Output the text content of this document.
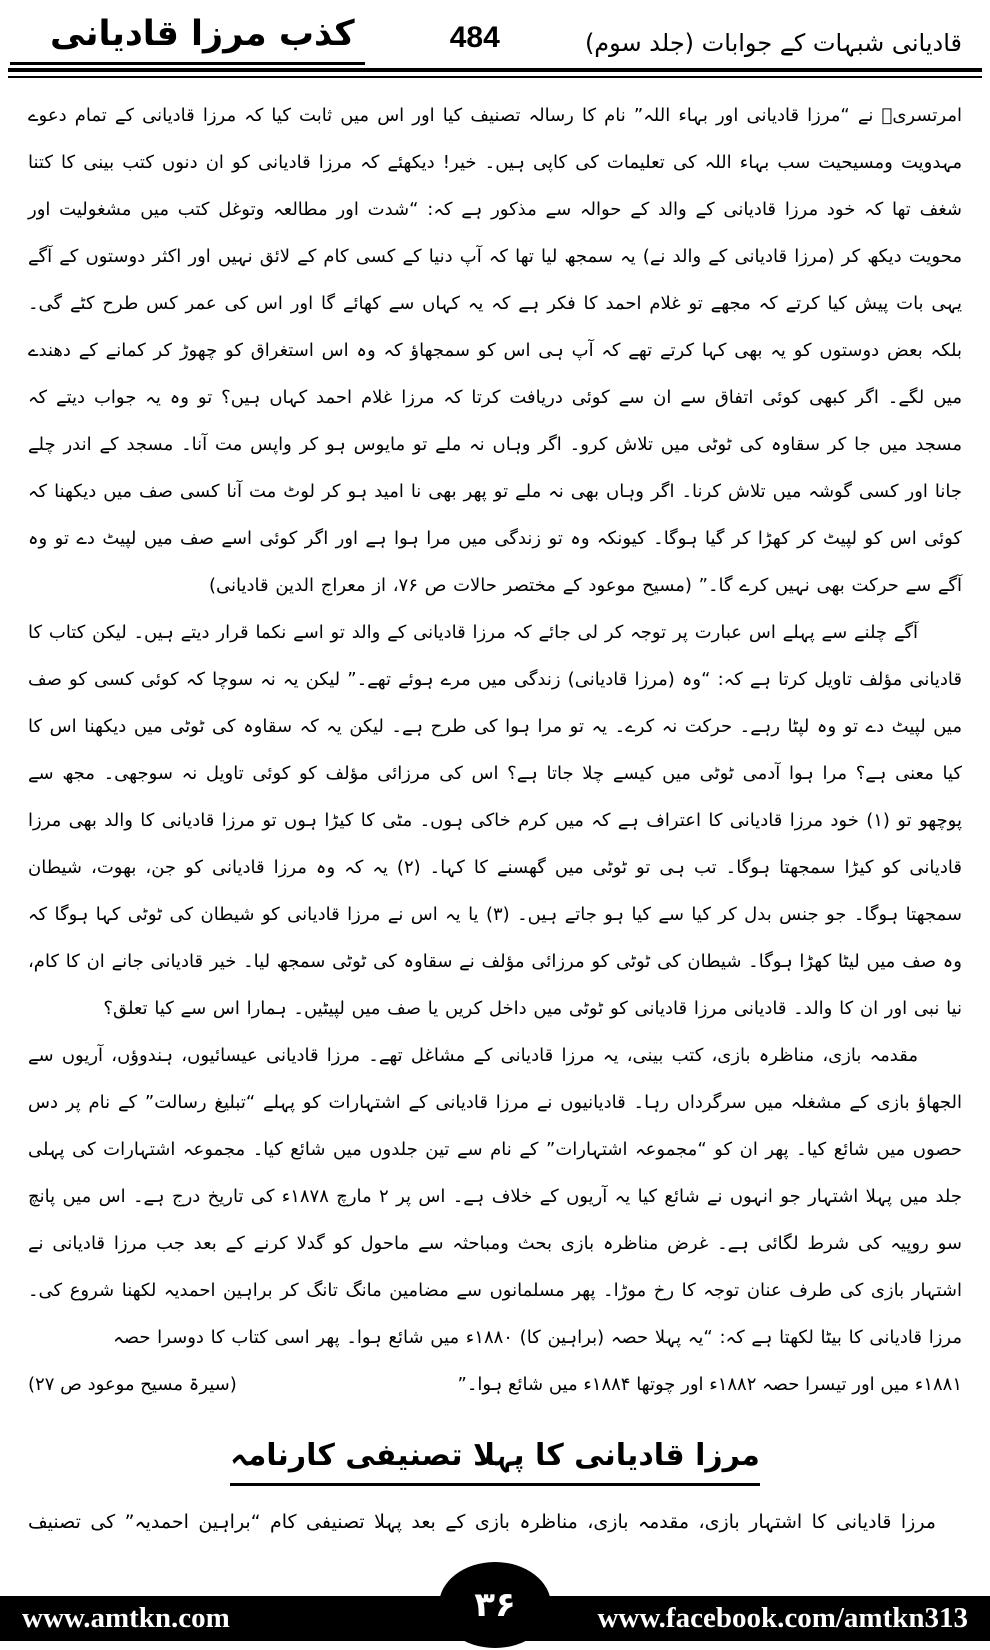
قادیانی شبہات کے جوابات (جلد سوم)
484
کذب مرزا قادیانی

امرتسریؒ نے “مرزا قادیانی اور بہاء اللہ” نام کا رسالہ تصنیف کیا اور اس میں ثابت کیا کہ مرزا قادیانی کے تمام دعوے مہدویت ومسیحیت سب بہاء اللہ کی تعلیمات کی کاپی ہیں۔ خیر! دیکھئے کہ مرزا قادیانی کو ان دنوں کتب بینی کا کتنا شغف تھا کہ خود مرزا قادیانی کے والد کے حوالہ سے مذکور ہے کہ: “شدت اور مطالعہ وتوغل کتب میں مشغولیت اور محویت دیکھ کر (مرزا قادیانی کے والد نے) یہ سمجھ لیا تھا کہ آپ دنیا کے کسی کام کے لائق نہیں اور اکثر دوستوں کے آگے یہی بات پیش کیا کرتے کہ مجھے تو غلام احمد کا فکر ہے کہ یہ کہاں سے کھائے گا اور اس کی عمر کس طرح کٹے گی۔ بلکہ بعض دوستوں کو یہ بھی کہا کرتے تھے کہ آپ ہی اس کو سمجھاؤ کہ وہ اس استغراق کو چھوڑ کر کمانے کے دھندے میں لگے۔ اگر کبھی کوئی اتفاق سے ان سے کوئی دریافت کرتا کہ مرزا غلام احمد کہاں ہیں؟ تو وہ یہ جواب دیتے کہ مسجد میں جا کر سقاوہ کی ٹوٹی میں تلاش کرو۔ اگر وہاں نہ ملے تو مایوس ہو کر واپس مت آنا۔ مسجد کے اندر چلے جانا اور کسی گوشہ میں تلاش کرنا۔ اگر وہاں بھی نہ ملے تو پھر بھی نا امید ہو کر لوٹ مت آنا کسی صف میں دیکھنا کہ کوئی اس کو لپیٹ کر کھڑا کر گیا ہوگا۔ کیونکہ وہ تو زندگی میں مرا ہوا ہے اور اگر کوئی اسے صف میں لپیٹ دے تو وہ آگے سے حرکت بھی نہیں کرے گا۔” (مسیح موعود کے مختصر حالات ص ۷۶، از معراج الدین قادیانی)

آگے چلنے سے پہلے اس عبارت پر توجہ کر لی جائے کہ مرزا قادیانی کے والد تو اسے نکما قرار دیتے ہیں۔ لیکن کتاب کا قادیانی مؤلف تاویل کرتا ہے کہ: “وہ (مرزا قادیانی) زندگی میں مرے ہوئے تھے۔” لیکن یہ نہ سوچا کہ کوئی کسی کو صف میں لپیٹ دے تو وہ لپٹا رہے۔ حرکت نہ کرے۔ یہ تو مرا ہوا کی طرح ہے۔ لیکن یہ کہ سقاوہ کی ٹوٹی میں دیکھنا اس کا کیا معنی ہے؟ مرا ہوا آدمی ٹوٹی میں کیسے چلا جاتا ہے؟ اس کی مرزائی مؤلف کو کوئی تاویل نہ سوجھی۔ مجھ سے پوچھو تو (۱) خود مرزا قادیانی کا اعتراف ہے کہ میں کرم خاکی ہوں۔ مٹی کا کیڑا ہوں تو مرزا قادیانی کا والد بھی مرزا قادیانی کو کیڑا سمجھتا ہوگا۔ تب ہی تو ٹوٹی میں گھسنے کا کہا۔ (۲) یہ کہ وہ مرزا قادیانی کو جن، بھوت، شیطان سمجھتا ہوگا۔ جو جنس بدل کر کیا سے کیا ہو جاتے ہیں۔ (۳) یا یہ اس نے مرزا قادیانی کو شیطان کی ٹوٹی کہا ہوگا کہ وہ صف میں لیٹا کھڑا ہوگا۔ شیطان کی ٹوٹی کو مرزائی مؤلف نے سقاوہ کی ٹوٹی سمجھ لیا۔ خیر قادیانی جانے ان کا کام، نیا نبی اور ان کا والد۔ قادیانی مرزا قادیانی کو ٹوٹی میں داخل کریں یا صف میں لپیٹیں۔ ہمارا اس سے کیا تعلق؟

مقدمہ بازی، مناظرہ بازی، کتب بینی، یہ مرزا قادیانی کے مشاغل تھے۔ مرزا قادیانی عیسائیوں، ہندوؤں، آریوں سے الجھاؤ بازی کے مشغلہ میں سرگرداں رہا۔ قادیانیوں نے مرزا قادیانی کے اشتہارات کو پہلے “تبلیغ رسالت” کے نام پر دس حصوں میں شائع کیا۔ پھر ان کو “مجموعہ اشتہارات” کے نام سے تین جلدوں میں شائع کیا۔ مجموعہ اشتہارات کی پہلی جلد میں پہلا اشتہار جو انہوں نے شائع کیا یہ آریوں کے خلاف ہے۔ اس پر ۲ مارچ ۱۸۷۸ء کی تاریخ درج ہے۔ اس میں پانچ سو روپیہ کی شرط لگائی ہے۔ غرض مناظرہ بازی بحث ومباحثہ سے ماحول کو گدلا کرنے کے بعد جب مرزا قادیانی نے اشتہار بازی کی طرف عنان توجہ کا رخ موڑا۔ پھر مسلمانوں سے مضامین مانگ تانگ کر براہین احمدیہ لکھنا شروع کی۔ مرزا قادیانی کا بیٹا لکھتا ہے کہ: “یہ پہلا حصہ (براہین کا) ۱۸۸۰ء میں شائع ہوا۔ پھر اسی کتاب کا دوسرا حصہ

۱۸۸۱ء میں اور تیسرا حصہ ۱۸۸۲ء اور چوتھا ۱۸۸۴ء میں شائع ہوا۔”
(سیرۃ مسیح موعود ص ۲۷)
مرزا قادیانی کا پہلا تصنیفی کارنامہ

مرزا قادیانی کا اشتہار بازی، مقدمہ بازی، مناظرہ بازی کے بعد پہلا تصنیفی کام “براہین احمدیہ” کی تصنیف

www.amtkn.com	www.facebook.com/amtkn313
۳۶
